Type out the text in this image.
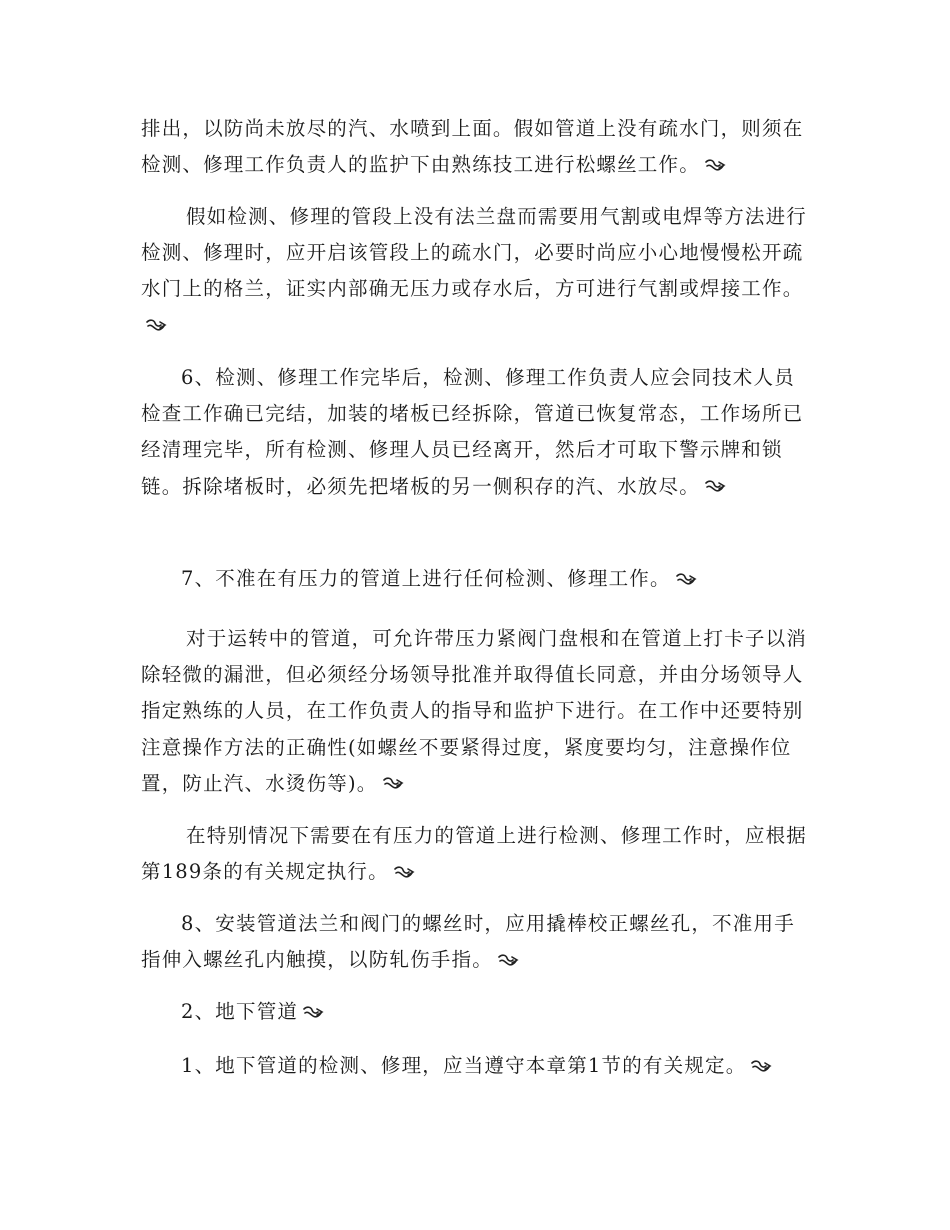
排出，以防尚未放尽的汽、水喷到上面。假如管道上没有疏水门，则须在检测、修理工作负责人的监护下由熟练技工进行松螺丝工作。

假如检测、修理的管段上没有法兰盘而需要用气割或电焊等方法进行检测、修理时，应开启该管段上的疏水门，必要时尚应小心地慢慢松开疏水门上的格兰，证实内部确无压力或存水后，方可进行气割或焊接工作。

6、检测、修理工作完毕后，检测、修理工作负责人应会同技术人员检查工作确已完结，加装的堵板已经拆除，管道已恢复常态，工作场所已经清理完毕，所有检测、修理人员已经离开，然后才可取下警示牌和锁链。拆除堵板时，必须先把堵板的另一侧积存的汽、水放尽。

7、不准在有压力的管道上进行任何检测、修理工作。

对于运转中的管道，可允许带压力紧阀门盘根和在管道上打卡子以消除轻微的漏泄，但必须经分场领导批准并取得值长同意，并由分场领导人指定熟练的人员，在工作负责人的指导和监护下进行。在工作中还要特别注意操作方法的正确性(如螺丝不要紧得过度，紧度要均匀，注意操作位置，防止汽、水烫伤等)。

在特别情况下需要在有压力的管道上进行检测、修理工作时，应根据第189条的有关规定执行。

8、安装管道法兰和阀门的螺丝时，应用撬棒校正螺丝孔，不准用手指伸入螺丝孔内触摸，以防轧伤手指。

2、地下管道

1、地下管道的检测、修理，应当遵守本章第1节的有关规定。
